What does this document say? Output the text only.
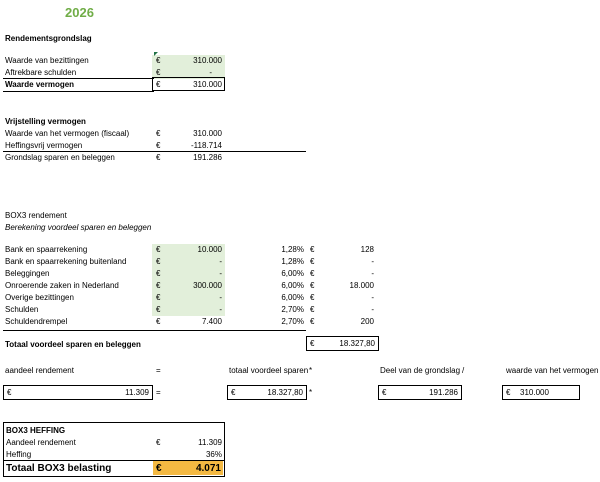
2026
Rendementsgrondslag
Waarde van bezittingen	€	310.000
Aftrekbare schulden	€	-
Waarde vermogen	€	310.000
Vrijstelling vermogen
Waarde van het vermogen (fiscaal)	€	310.000
Heffingsvrij vermogen	€	-118.714
Grondslag sparen en beleggen	€	191.286
BOX3 rendement
Berekening voordeel sparen en beleggen
Bank en spaarrekening	€	10.000	1,28% €	128
Bank en spaarrekening buitenland	€	-	1,28% €	-
Beleggingen	€	-	6,00% €	-
Onroerende zaken in Nederland	€	300.000	6,00% €	18.000
Overige bezittingen	€	-	6,00% €	-
Schulden	€	-	2,70% €	-
Schuldendrempel	€	7.400	2,70% €	200
Totaal voordeel sparen en beleggen	€	18.327,80
aandeel rendement	=	totaal voordeel sparen *	Deel van de grondslag /	waarde van het vermogen
€	11.309 =	€	18.327,80 *	€	191.286	€ 310.000
BOX3 HEFFING
Aandeel rendement	€	11.309
Heffing	36%
Totaal BOX3 belasting	€	4.071
